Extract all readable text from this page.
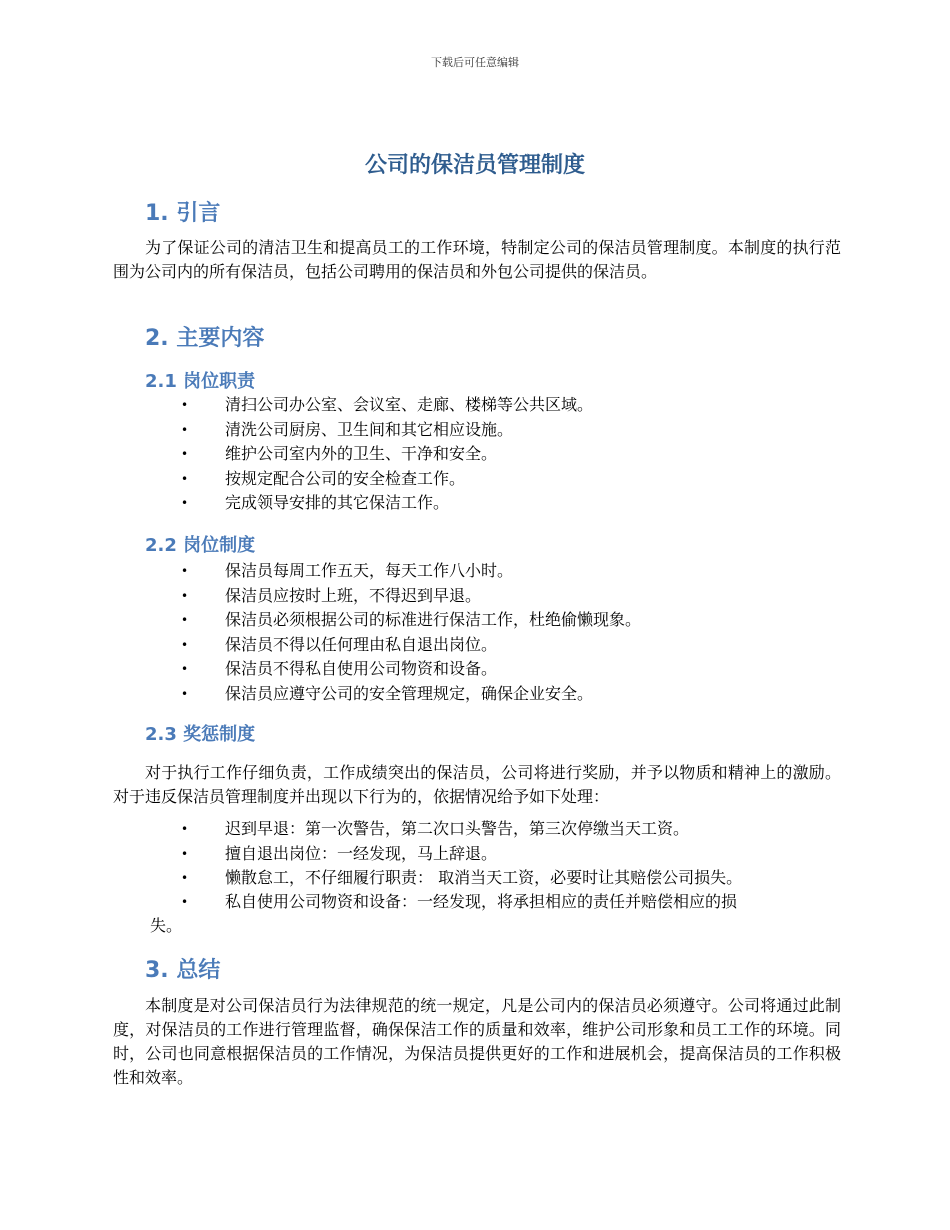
下载后可任意编辑
公司的保洁员管理制度
1. 引言
为了保证公司的清洁卫生和提高员工的工作环境，特制定公司的保洁员管理制度。本制度的执行范围为公司内的所有保洁员，包括公司聘用的保洁员和外包公司提供的保洁员。
2. 主要内容
2.1 岗位职责
• 清扫公司办公室、会议室、走廊、楼梯等公共区域。
• 清洗公司厨房、卫生间和其它相应设施。
• 维护公司室内外的卫生、干净和安全。
• 按规定配合公司的安全检查工作。
• 完成领导安排的其它保洁工作。
2.2 岗位制度
• 保洁员每周工作五天，每天工作八小时。
• 保洁员应按时上班，不得迟到早退。
• 保洁员必须根据公司的标准进行保洁工作，杜绝偷懒现象。
• 保洁员不得以任何理由私自退出岗位。
• 保洁员不得私自使用公司物资和设备。
• 保洁员应遵守公司的安全管理规定，确保企业安全。
2.3 奖惩制度
对于执行工作仔细负责，工作成绩突出的保洁员，公司将进行奖励，并予以物质和精神上的激励。对于违反保洁员管理制度并出现以下行为的，依据情况给予如下处理：
• 迟到早退：第一次警告，第二次口头警告，第三次停缴当天工资。
• 擅自退出岗位：一经发现，马上辞退。
• 懒散怠工，不仔细履行职责： 取消当天工资，必要时让其赔偿公司损失。
• 私自使用公司物资和设备：一经发现，将承担相应的责任并赔偿相应的损
失。
3. 总结
本制度是对公司保洁员行为法律规范的统一规定，凡是公司内的保洁员必须遵守。公司将通过此制度，对保洁员的工作进行管理监督，确保保洁工作的质量和效率，维护公司形象和员工工作的环境。同时，公司也同意根据保洁员的工作情况，为保洁员提供更好的工作和进展机会，提高保洁员的工作积极性和效率。
